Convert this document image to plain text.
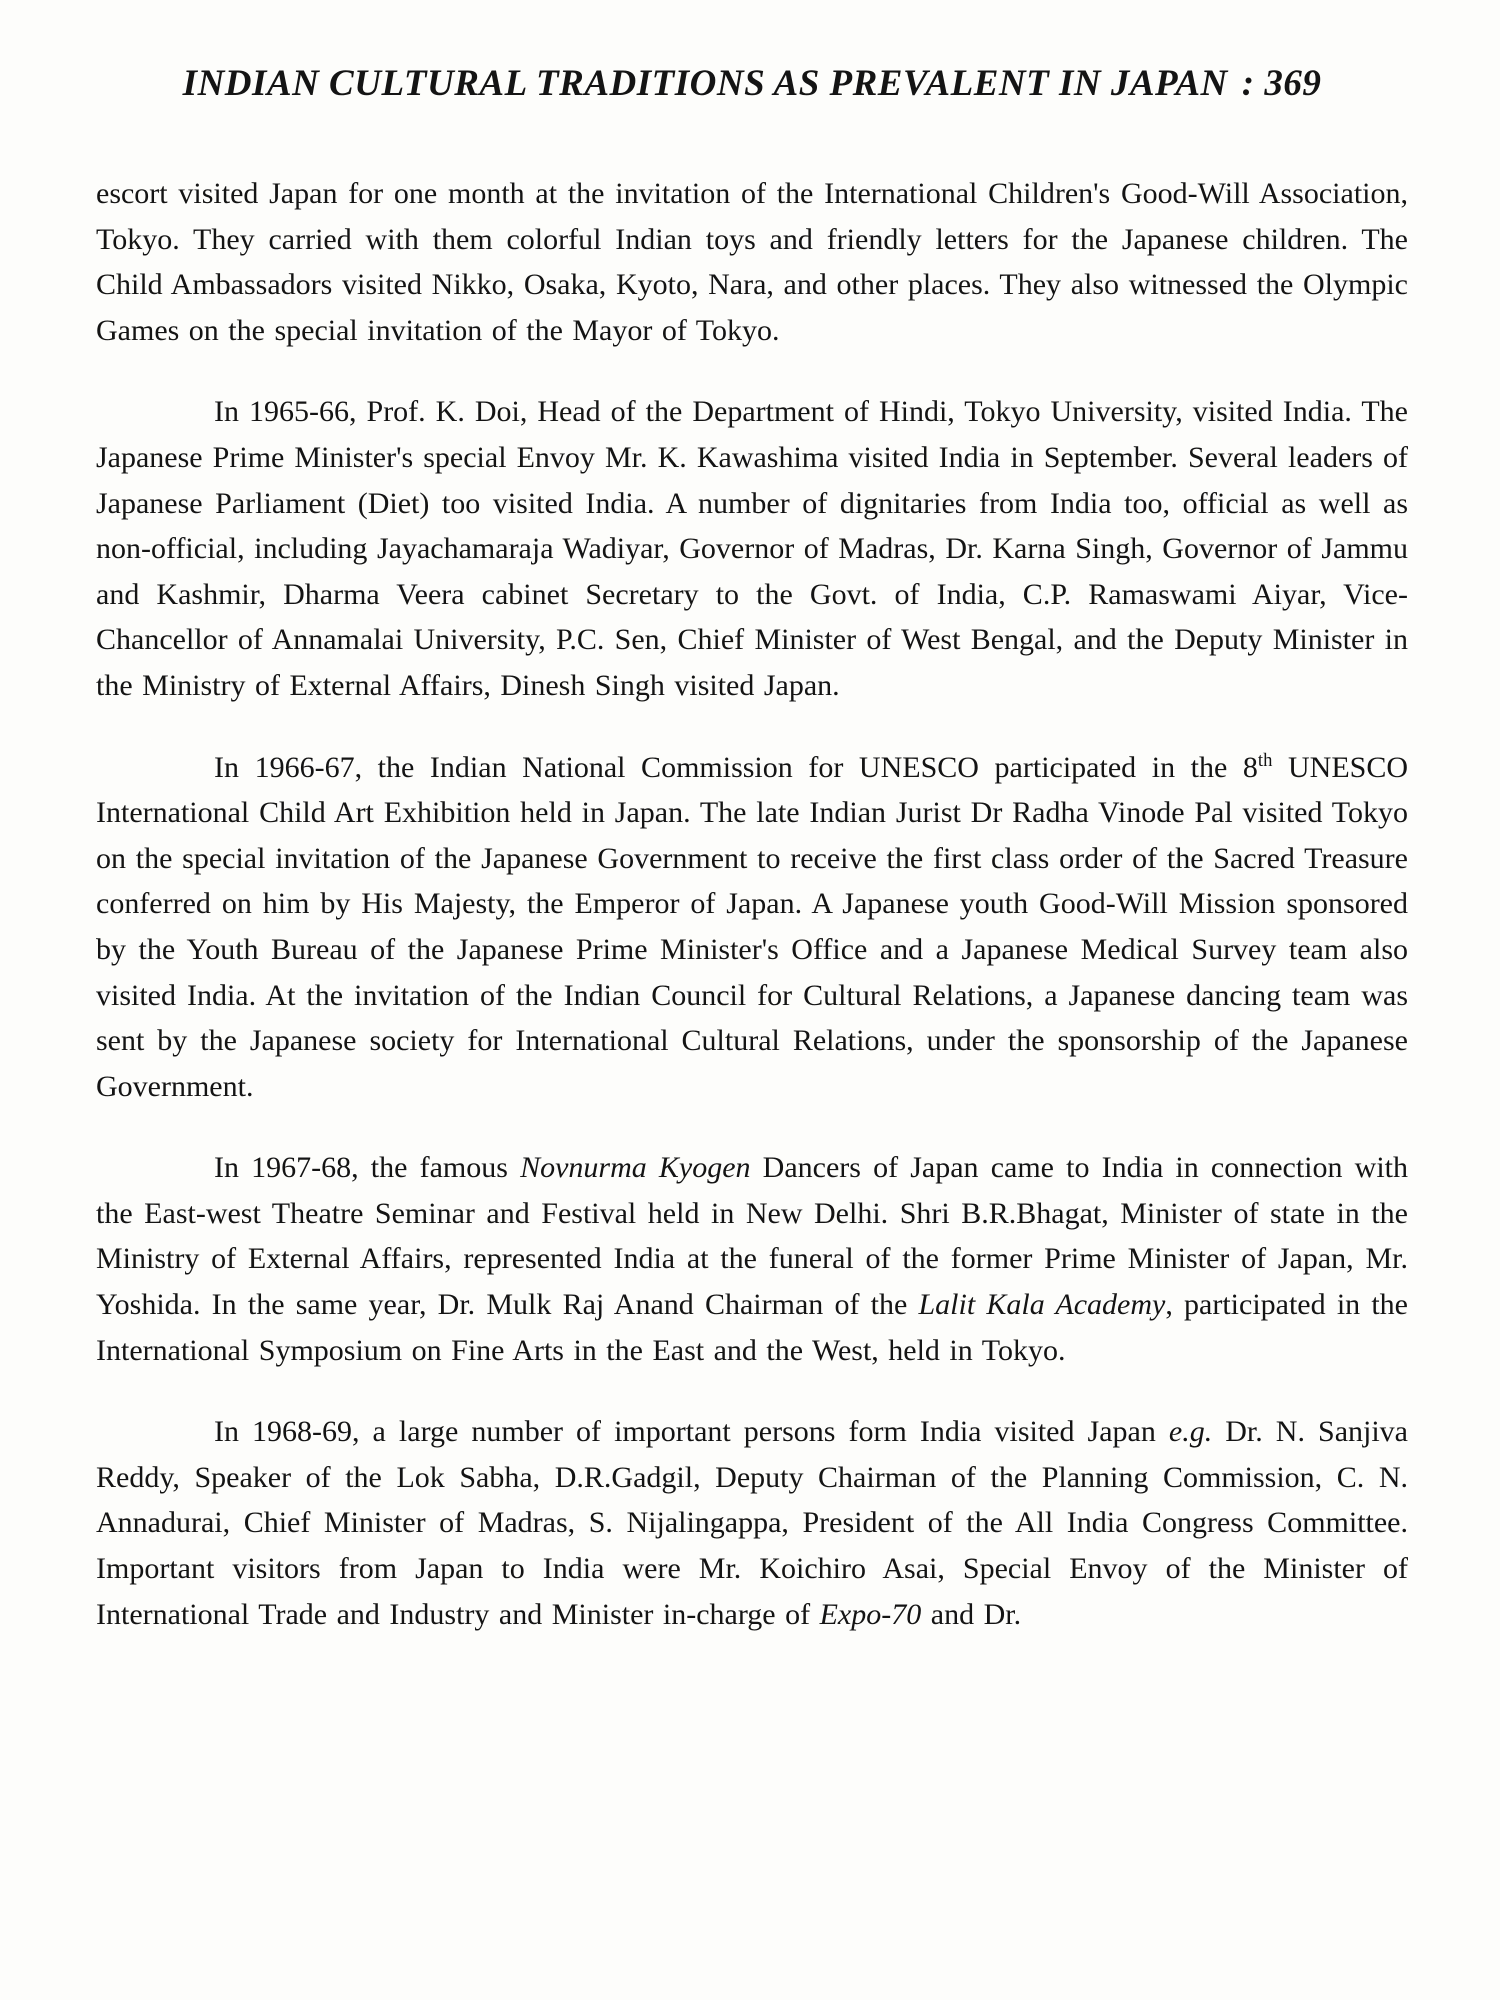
INDIAN CULTURAL TRADITIONS AS PREVALENT IN JAPAN : 369

escort visited Japan for one month at the invitation of the International Children's Good-Will Association, Tokyo. They carried with them colorful Indian toys and friendly letters for the Japanese children. The Child Ambassadors visited Nikko, Osaka, Kyoto, Nara, and other places. They also witnessed the Olympic Games on the special invitation of the Mayor of Tokyo.

In 1965-66, Prof. K. Doi, Head of the Department of Hindi, Tokyo University, visited India. The Japanese Prime Minister's special Envoy Mr. K. Kawashima visited India in September. Several leaders of Japanese Parliament (Diet) too visited India. A number of dignitaries from India too, official as well as non-official, including Jayachamaraja Wadiyar, Governor of Madras, Dr. Karna Singh, Governor of Jammu and Kashmir, Dharma Veera cabinet Secretary to the Govt. of India, C.P. Ramaswami Aiyar, Vice-Chancellor of Annamalai University, P.C. Sen, Chief Minister of West Bengal, and the Deputy Minister in the Ministry of External Affairs, Dinesh Singh visited Japan.

In 1966-67, the Indian National Commission for UNESCO participated in the 8th UNESCO International Child Art Exhibition held in Japan. The late Indian Jurist Dr Radha Vinode Pal visited Tokyo on the special invitation of the Japanese Government to receive the first class order of the Sacred Treasure conferred on him by His Majesty, the Emperor of Japan. A Japanese youth Good-Will Mission sponsored by the Youth Bureau of the Japanese Prime Minister's Office and a Japanese Medical Survey team also visited India. At the invitation of the Indian Council for Cultural Relations, a Japanese dancing team was sent by the Japanese society for International Cultural Relations, under the sponsorship of the Japanese Government.

In 1967-68, the famous Novnurma Kyogen Dancers of Japan came to India in connection with the East-west Theatre Seminar and Festival held in New Delhi. Shri B.R.Bhagat, Minister of state in the Ministry of External Affairs, represented India at the funeral of the former Prime Minister of Japan, Mr. Yoshida. In the same year, Dr. Mulk Raj Anand Chairman of the Lalit Kala Academy, participated in the International Symposium on Fine Arts in the East and the West, held in Tokyo.

In 1968-69, a large number of important persons form India visited Japan e.g. Dr. N. Sanjiva Reddy, Speaker of the Lok Sabha, D.R.Gadgil, Deputy Chairman of the Planning Commission, C. N. Annadurai, Chief Minister of Madras, S. Nijalingappa, President of the All India Congress Committee. Important visitors from Japan to India were Mr. Koichiro Asai, Special Envoy of the Minister of International Trade and Industry and Minister in-charge of Expo-70 and Dr.
